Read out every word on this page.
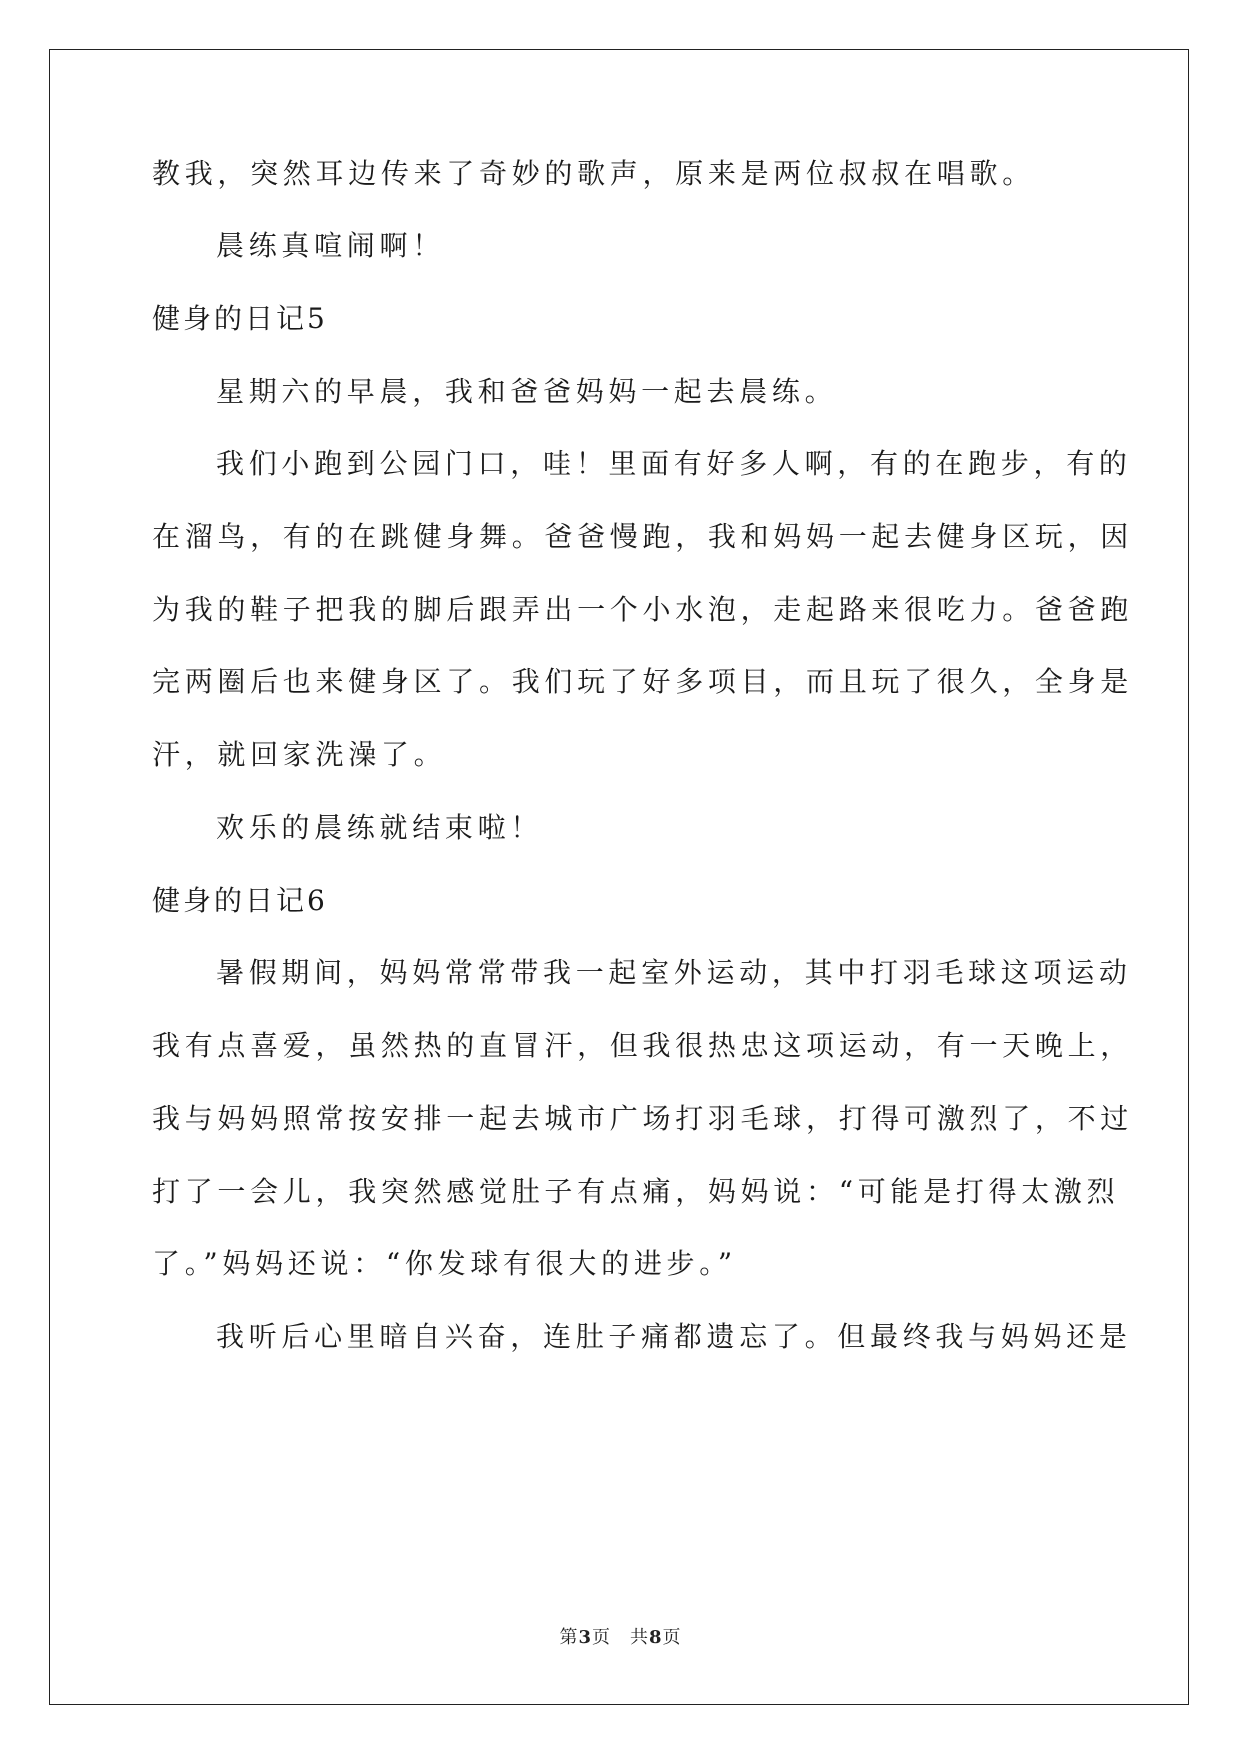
教我，突然耳边传来了奇妙的歌声，原来是两位叔叔在唱歌。
晨练真喧闹啊！
健身的日记5
星期六的早晨，我和爸爸妈妈一起去晨练。
我们小跑到公园门口，哇！里面有好多人啊，有的在跑步，有的
在溜鸟，有的在跳健身舞。爸爸慢跑，我和妈妈一起去健身区玩，因
为我的鞋子把我的脚后跟弄出一个小水泡，走起路来很吃力。爸爸跑
完两圈后也来健身区了。我们玩了好多项目，而且玩了很久，全身是
汗，就回家洗澡了。
欢乐的晨练就结束啦！
健身的日记6
暑假期间，妈妈常常带我一起室外运动，其中打羽毛球这项运动
我有点喜爱，虽然热的直冒汗，但我很热忠这项运动，有一天晚上，
我与妈妈照常按安排一起去城市广场打羽毛球，打得可激烈了，不过
打了一会儿，我突然感觉肚子有点痛，妈妈说：“可能是打得太激烈
了。”妈妈还说：“你发球有很大的进步。”
我听后心里暗自兴奋，连肚子痛都遗忘了。但最终我与妈妈还是
第3页　共8页
